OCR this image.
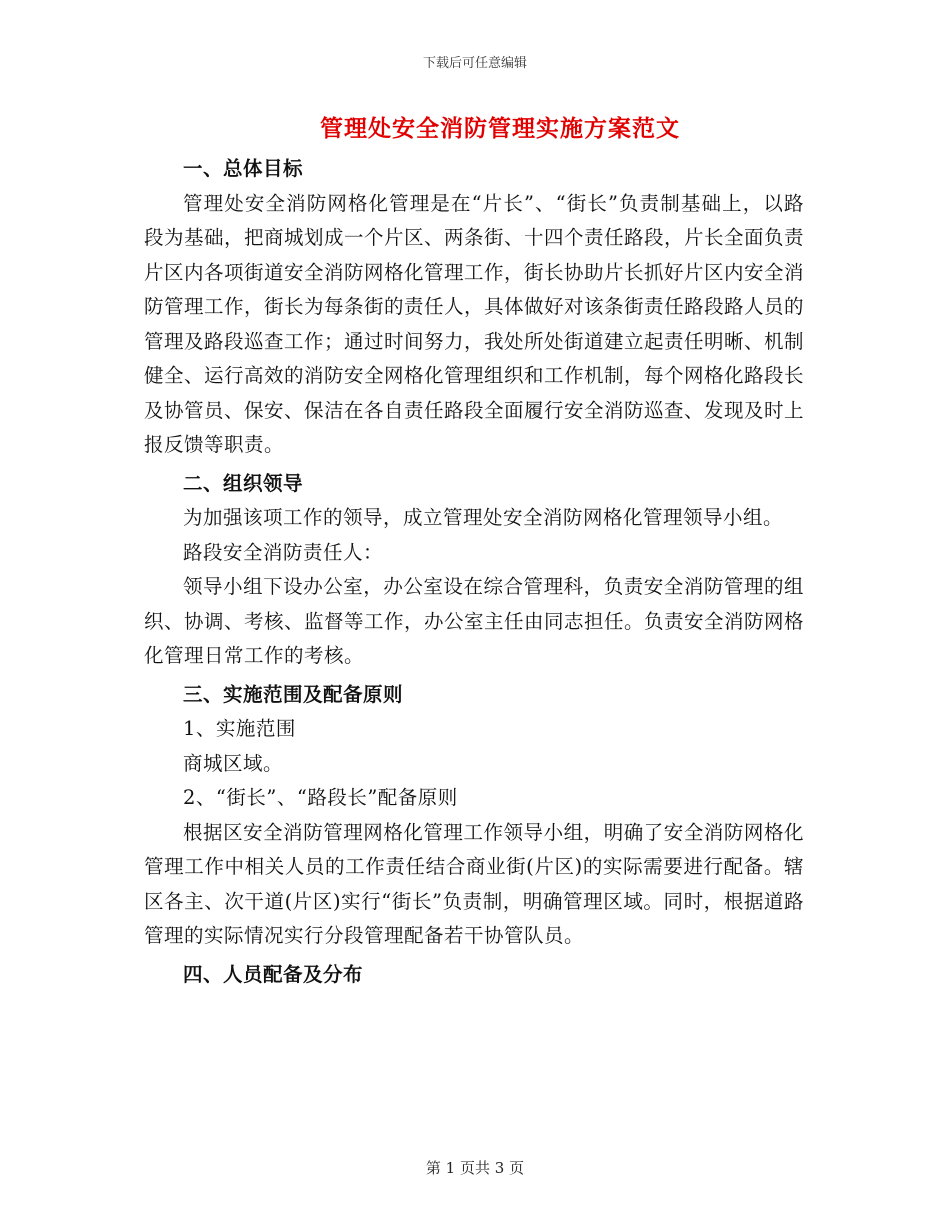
下载后可任意编辑
管理处安全消防管理实施方案范文

一、总体目标

管理处安全消防网格化管理是在“片长”、“街长”负责制基础上，以路段为基础，把商城划成一个片区、两条街、十四个责任路段，片长全面负责片区内各项街道安全消防网格化管理工作，街长协助片长抓好片区内安全消防管理工作，街长为每条街的责任人，具体做好对该条街责任路段路人员的管理及路段巡查工作；通过时间努力，我处所处街道建立起责任明晰、机制健全、运行高效的消防安全网格化管理组织和工作机制，每个网格化路段长及协管员、保安、保洁在各自责任路段全面履行安全消防巡查、发现及时上报反馈等职责。

二、组织领导

为加强该项工作的领导，成立管理处安全消防网格化管理领导小组。

路段安全消防责任人：

领导小组下设办公室，办公室设在综合管理科，负责安全消防管理的组织、协调、考核、监督等工作，办公室主任由同志担任。负责安全消防网格化管理日常工作的考核。

三、实施范围及配备原则

1、实施范围

商城区域。

2、“街长”、“路段长”配备原则

根据区安全消防管理网格化管理工作领导小组，明确了安全消防网格化管理工作中相关人员的工作责任结合商业街(片区)的实际需要进行配备。辖区各主、次干道(片区)实行“街长”负责制，明确管理区域。同时，根据道路管理的实际情况实行分段管理配备若干协管队员。

四、人员配备及分布

第 1 页共 3 页
